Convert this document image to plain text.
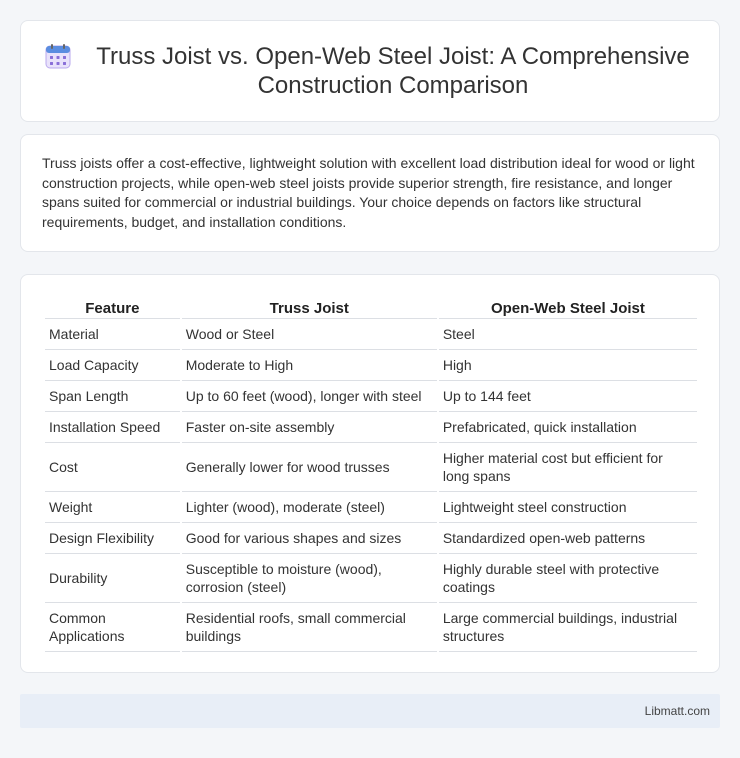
Truss Joist vs. Open-Web Steel Joist: A Comprehensive Construction Comparison

Truss joists offer a cost-effective, lightweight solution with excellent load distribution ideal for wood or light construction projects, while open-web steel joists provide superior strength, fire resistance, and longer spans suited for commercial or industrial buildings. Your choice depends on factors like structural requirements, budget, and installation conditions.

Feature	Truss Joist	Open-Web Steel Joist
Material	Wood or Steel	Steel
Load Capacity	Moderate to High	High
Span Length	Up to 60 feet (wood), longer with steel	Up to 144 feet
Installation Speed	Faster on-site assembly	Prefabricated, quick installation
Cost	Generally lower for wood trusses	Higher material cost but efficient for long spans
Weight	Lighter (wood), moderate (steel)	Lightweight steel construction
Design Flexibility	Good for various shapes and sizes	Standardized open-web patterns
Durability	Susceptible to moisture (wood), corrosion (steel)	Highly durable steel with protective coatings
Common Applications	Residential roofs, small commercial buildings	Large commercial buildings, industrial structures
Libmatt.com
